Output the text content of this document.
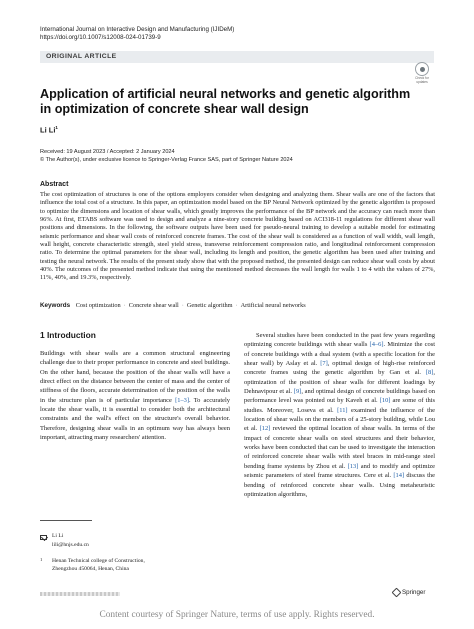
International Journal on Interactive Design and Manufacturing (IJIDeM)
https://doi.org/10.1007/s12008-024-01739-9
ORIGINAL ARTICLE
Check for updates
Application of artificial neural networks and genetic algorithm in optimization of concrete shear wall design
Li Li$^1$
Received: 19 August 2023 / Accepted: 2 January 2024
© The Author(s), under exclusive licence to Springer-Verlag France SAS, part of Springer Nature 2024
Abstract

The cost optimization of structures is one of the options employers consider when designing and analyzing them. Shear walls are one of the factors that influence the total cost of a structure. In this paper, an optimization model based on the BP Neural Network optimized by the genetic algorithm is proposed to optimize the dimensions and location of shear walls, which greatly improves the performance of the BP network and the accuracy can reach more than 96%. At first, ETABS software was used to design and analyze a nine-story concrete building based on ACI318-11 regulations for different shear wall positions and dimensions. In the following, the software outputs have been used for pseudo-neural training to develop a suitable model for estimating seismic performance and shear wall costs of reinforced concrete frames. The cost of the shear wall is considered as a function of wall width, wall length, wall height, concrete characteristic strength, steel yield stress, transverse reinforcement compression ratio, and longitudinal reinforcement compression ratio. To determine the optimal parameters for the shear wall, including its length and position, the genetic algorithm has been used after training and testing the neural network. The results of the present study show that with the proposed method, the presented design can reduce shear wall costs by about 40%. The outcomes of the presented method indicate that using the mentioned method decreases the wall length for walls 1 to 4 with the values of 27%, 11%, 40%, and 19.3%, respectively.

Keywords Cost optimization · Concrete shear wall · Genetic algorithm · Artificial neural networks
1 Introduction

Buildings with shear walls are a common structural engineering challenge due to their proper performance in concrete and steel buildings. On the other hand, because the position of the shear walls will have a direct effect on the distance between the center of mass and the center of stiffness of the floors, accurate determination of the position of the walls in the structure plan is of particular importance [1–3]. To accurately locate the shear walls, it is essential to consider both the architectural constraints and the wall's effect on the structure's overall behavior. Therefore, designing shear walls in an optimum way has always been important, attracting many researchers' attention.

Several studies have been conducted in the past few years regarding optimizing concrete buildings with shear walls [4–6]. Minimize the cost of concrete buildings with a dual system (with a specific location for the shear wall) by Aslay et al. [7], optimal design of high-rise reinforced concrete frames using the genetic algorithm by Gan et al. [8], optimization of the position of shear walls for different loadings by Dehnavipour et al. [9], and optimal design of concrete buildings based on performance level was pointed out by Kaveh et al. [10] are some of this studies. Moreover, Loseva et al. [11] examined the influence of the location of shear walls on the members of a 25-story building, while Lou et al. [12] reviewed the optimal location of shear walls. In terms of the impact of concrete shear walls on steel structures and their behavior, works have been conducted that can be used to investigate the interaction of reinforced concrete shear walls with steel braces in mid-range steel bending frame systems by Zhou et al. [13] and to modify and optimize seismic parameters of steel frame structures. Cere et al. [14] discuss the bending of reinforced concrete shear walls. Using metaheuristic optimization algorithms,

Li Li
lili@hnjs.edu.cn
1 Henan Technical college of Construction,
Zhengzhou 450064, Henan, China
Springer
Content courtesy of Springer Nature, terms of use apply. Rights reserved.
